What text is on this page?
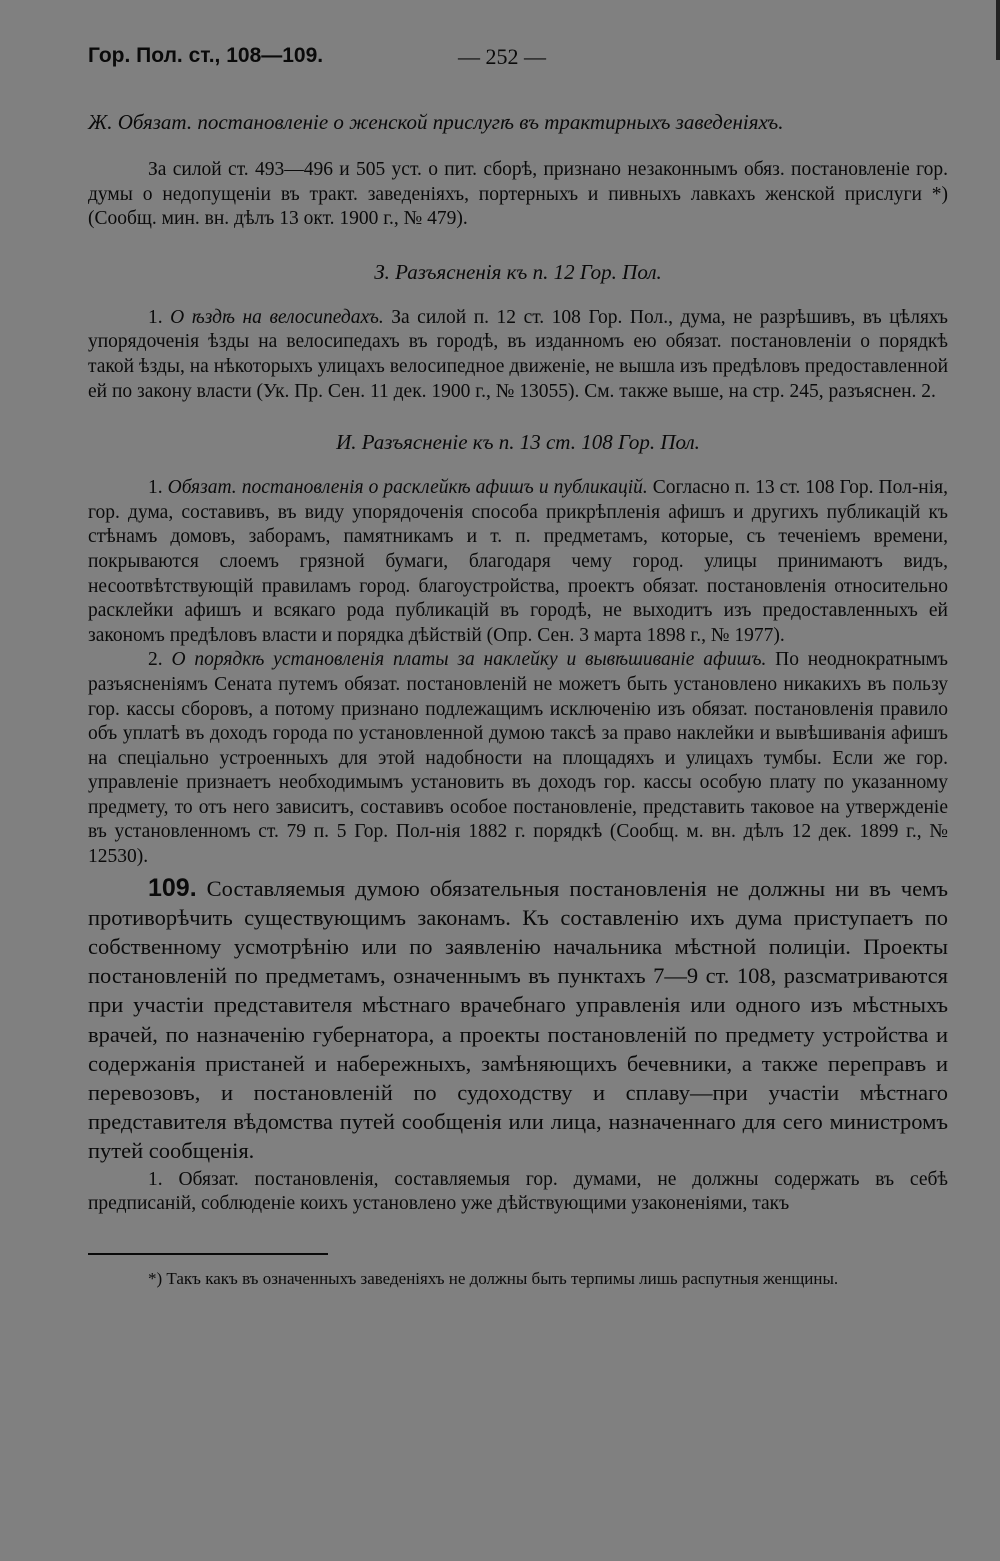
Гор. Пол. ст., 108—109.	— 252 —

Ж. Обязат. постановленіе о женской прислугѣ въ трактирныхъ заведеніяхъ.

За силой ст. 493—496 и 505 уст. о пит. сборѣ, признано незаконнымъ обяз. постановленіе гор. думы о недопущеніи въ тракт. заведеніяхъ, портерныхъ и пивныхъ лавкахъ женской прислуги *) (Сообщ. мин. вн. дѣлъ 13 окт. 1900 г., № 479).

З. Разъясненія къ п. 12 Гор. Пол.

1. О ѣздѣ на велосипедахъ. За силой п. 12 ст. 108 Гор. Пол., дума, не разрѣшивъ, въ цѣляхъ упорядоченія ѣзды на велосипедахъ въ городѣ, въ изданномъ ею обязат. постановленіи о порядкѣ такой ѣзды, на нѣкоторыхъ улицахъ велосипедное движеніе, не вышла изъ предѣловъ предоставленной ей по закону власти (Ук. Пр. Сен. 11 дек. 1900 г., № 13055). См. также выше, на стр. 245, разъяснен. 2.

И. Разъясненіе къ п. 13 ст. 108 Гор. Пол.

1. Обязат. постановленія о расклейкѣ афишъ и публикацій. Согласно п. 13 ст. 108 Гор. Пол-нія, гор. дума, составивъ, въ виду упорядоченія способа прикрѣпленія афишъ и другихъ публикацій къ стѣнамъ домовъ, заборамъ, памятникамъ и т. п. предметамъ, которые, съ теченіемъ времени, покрываются слоемъ грязной бумаги, благодаря чему город. улицы принимаютъ видъ, несоотвѣтствующій правиламъ город. благоустройства, проектъ обязат. постановленія относительно расклейки афишъ и всякаго рода публикацій въ городѣ, не выходитъ изъ предоставленныхъ ей закономъ предѣловъ власти и порядка дѣйствій (Опр. Сен. 3 марта 1898 г., № 1977).

2. О порядкѣ установленія платы за наклейку и вывѣшиваніе афишъ. По неоднократнымъ разъясненіямъ Сената путемъ обязат. постановленій не можетъ быть установлено никакихъ въ пользу гор. кассы сборовъ, а потому признано подлежащимъ исключенію изъ обязат. постановленія правило объ уплатѣ въ доходъ города по установленной думою таксѣ за право наклейки и вывѣшиванія афишъ на спеціально устроенныхъ для этой надобности на площадяхъ и улицахъ тумбы. Если же гор. управленіе признаетъ необходимымъ установить въ доходъ гор. кассы особую плату по указанному предмету, то отъ него зависитъ, составивъ особое постановленіе, представить таковое на утвержденіе въ установленномъ ст. 79 п. 5 Гор. Пол-нія 1882 г. порядкѣ (Сообщ. м. вн. дѣлъ 12 дек. 1899 г., № 12530).

109. Составляемыя думою обязательныя постановленія не должны ни въ чемъ противорѣчить существующимъ законамъ. Къ составленію ихъ дума приступаетъ по собственному усмотрѣнію или по заявленію начальника мѣстной полиціи. Проекты постановленій по предметамъ, означеннымъ въ пунктахъ 7—9 ст. 108, разсматриваются при участіи представителя мѣстнаго врачебнаго управленія или одного изъ мѣстныхъ врачей, по назначенію губернатора, а проекты постановленій по предмету устройства и содержанія пристаней и набережныхъ, замѣняющихъ бечевники, а также переправъ и перевозовъ, и постановленій по судоходству и сплаву—при участіи мѣстнаго представителя вѣдомства путей сообщенія или лица, назначеннаго для сего министромъ путей сообщенія.

1. Обязат. постановленія, составляемыя гор. думами, не должны содержать въ себѣ предписаній, соблюденіе коихъ установлено уже дѣйствующими узаконеніями, такъ

*) Такъ какъ въ означенныхъ заведеніяхъ не должны быть терпимы лишь распутныя женщины.
